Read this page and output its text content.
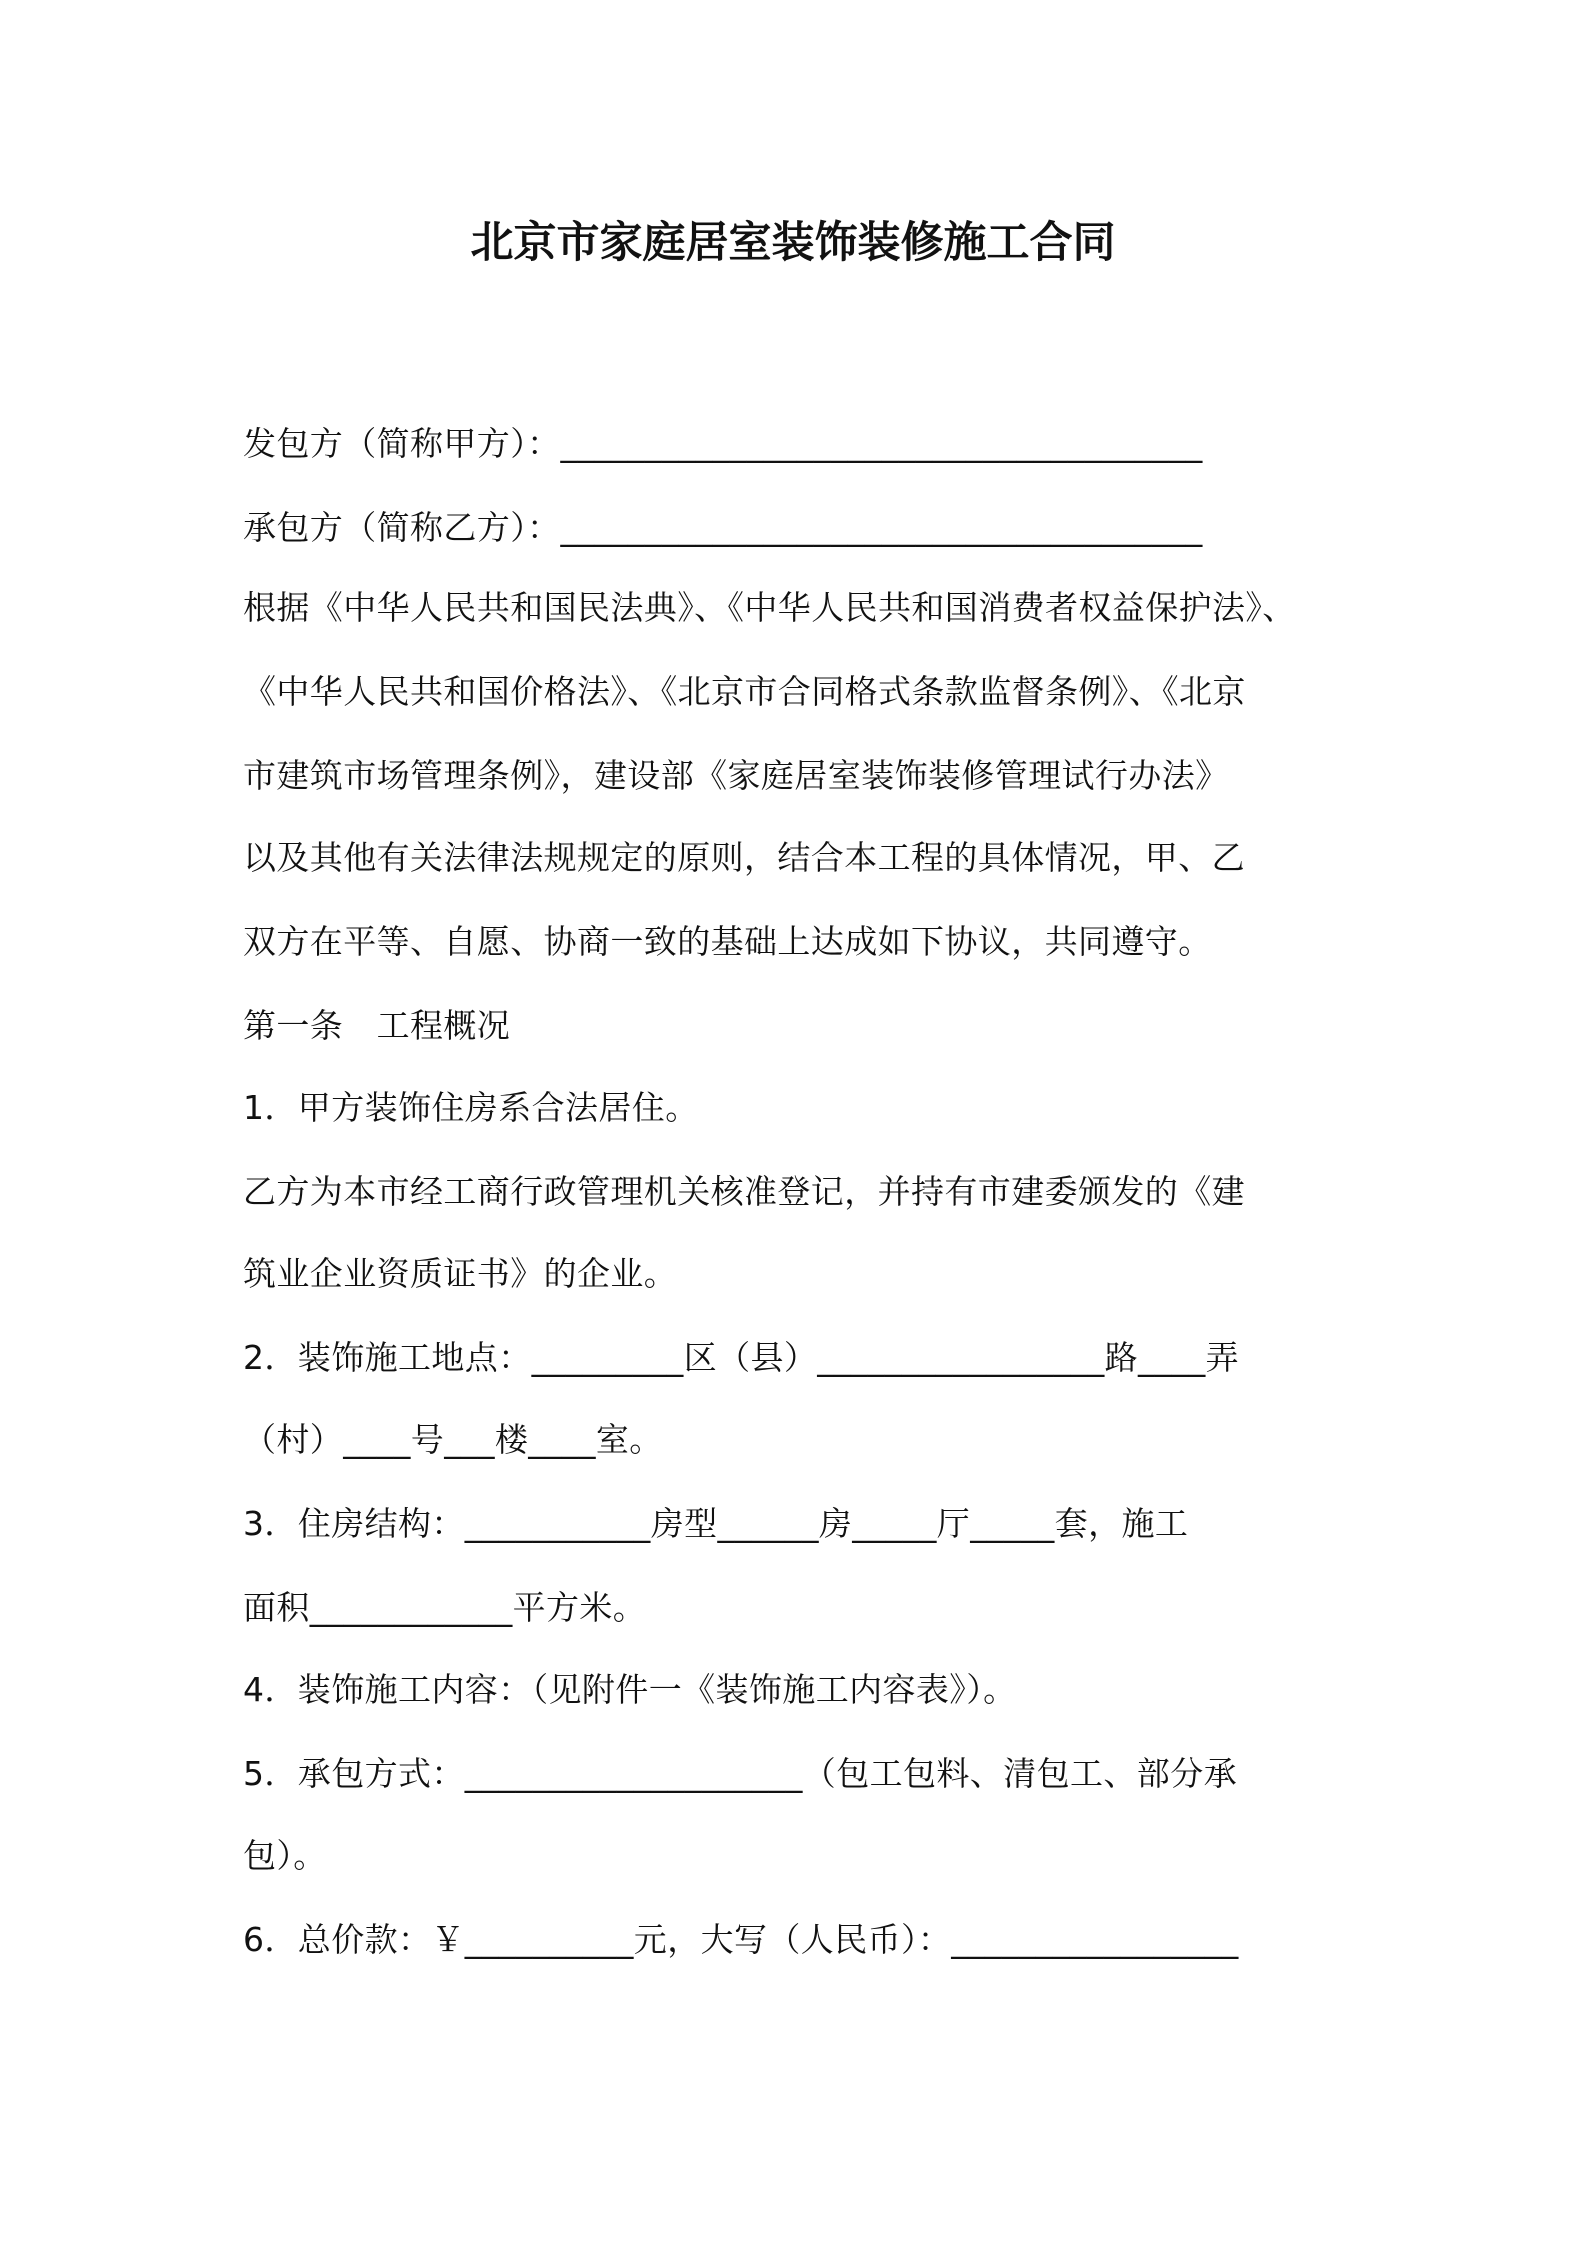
北京市家庭居室装饰装修施工合同

发包方（简称甲方）：______________________________________

承包方（简称乙方）：______________________________________

根据《中华人民共和国民法典》、《中华人民共和国消费者权益保护法》、

《中华人民共和国价格法》、《北京市合同格式条款监督条例》、《北京

市建筑市场管理条例》，建设部《家庭居室装饰装修管理试行办法》

以及其他有关法律法规规定的原则，结合本工程的具体情况，甲、乙

双方在平等、自愿、协商一致的基础上达成如下协议，共同遵守。

第一条　工程概况

1．甲方装饰住房系合法居住。

乙方为本市经工商行政管理机关核准登记，并持有市建委颁发的《建

筑业企业资质证书》的企业。

2．装饰施工地点：_________区（县）_________________路____弄

（村）____号___楼____室。

3．住房结构：___________房型______房_____厅_____套，施工

面积____________平方米。

4．装饰施工内容：（见附件一《装饰施工内容表》）。

5．承包方式：____________________（包工包料、清包工、部分承

包）。

6．总价款：￥__________元，大写（人民币）：_________________
